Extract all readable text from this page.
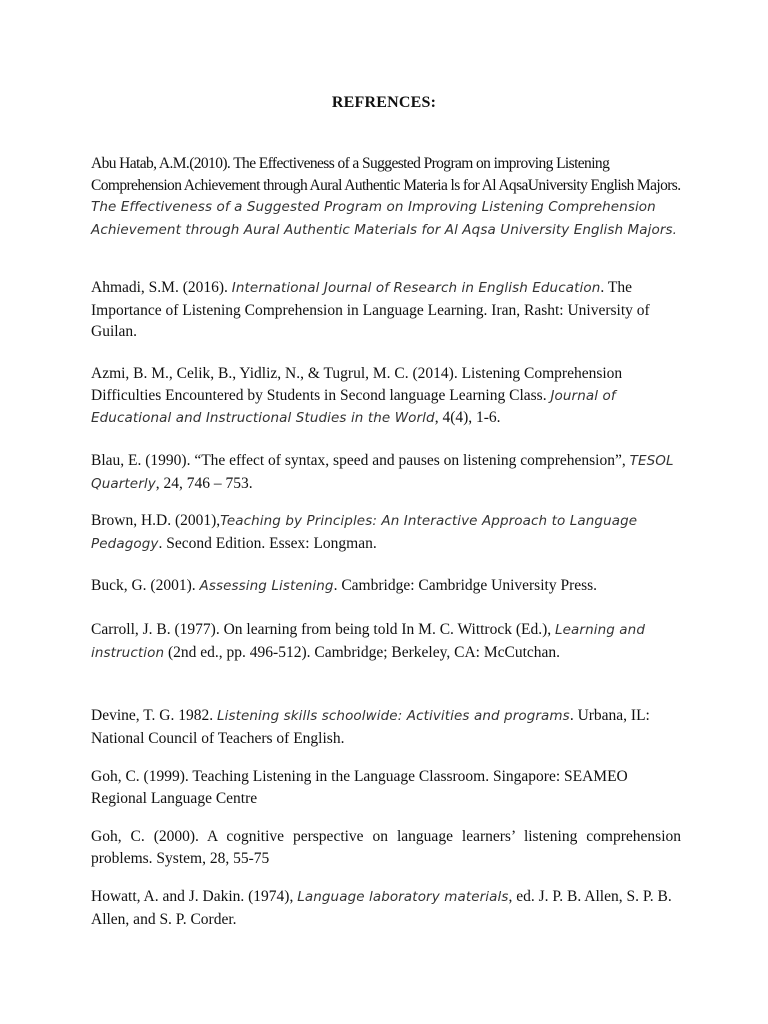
REFRENCES:

Abu Hatab, A.M.(2010). The Effectiveness of a Suggested Program on improving Listening Comprehension Achievement through Aural Authentic Materia ls for Al AqsaUniversity English Majors. The Effectiveness of a Suggested Program on Improving Listening Comprehension Achievement through Aural Authentic Materials for Al Aqsa University English Majors.

Ahmadi, S.M. (2016). International Journal of Research in English Education. The Importance of Listening Comprehension in Language Learning. Iran, Rasht: University of Guilan.

Azmi, B. M., Celik, B., Yidliz, N., & Tugrul, M. C. (2014). Listening Comprehension Difficulties Encountered by Students in Second language Learning Class. Journal of Educational and Instructional Studies in the World, 4(4), 1-6.

Blau, E. (1990). “The effect of syntax, speed and pauses on listening comprehension”, TESOL Quarterly, 24, 746 – 753.

Brown, H.D. (2001),Teaching by Principles: An Interactive Approach to Language Pedagogy. Second Edition. Essex: Longman.

Buck, G. (2001). Assessing Listening. Cambridge: Cambridge University Press.

Carroll, J. B. (1977). On learning from being told In M. C. Wittrock (Ed.), Learning and instruction (2nd ed., pp. 496-512). Cambridge; Berkeley, CA: McCutchan.

Devine, T. G. 1982. Listening skills schoolwide: Activities and programs. Urbana, IL: National Council of Teachers of English.

Goh, C. (1999). Teaching Listening in the Language Classroom. Singapore: SEAMEO Regional Language Centre

Goh, C. (2000). A cognitive perspective on language learners’ listening comprehension problems. System, 28, 55-75

Howatt, A. and J. Dakin. (1974), Language laboratory materials, ed. J. P. B. Allen, S. P. B. Allen, and S. P. Corder.
